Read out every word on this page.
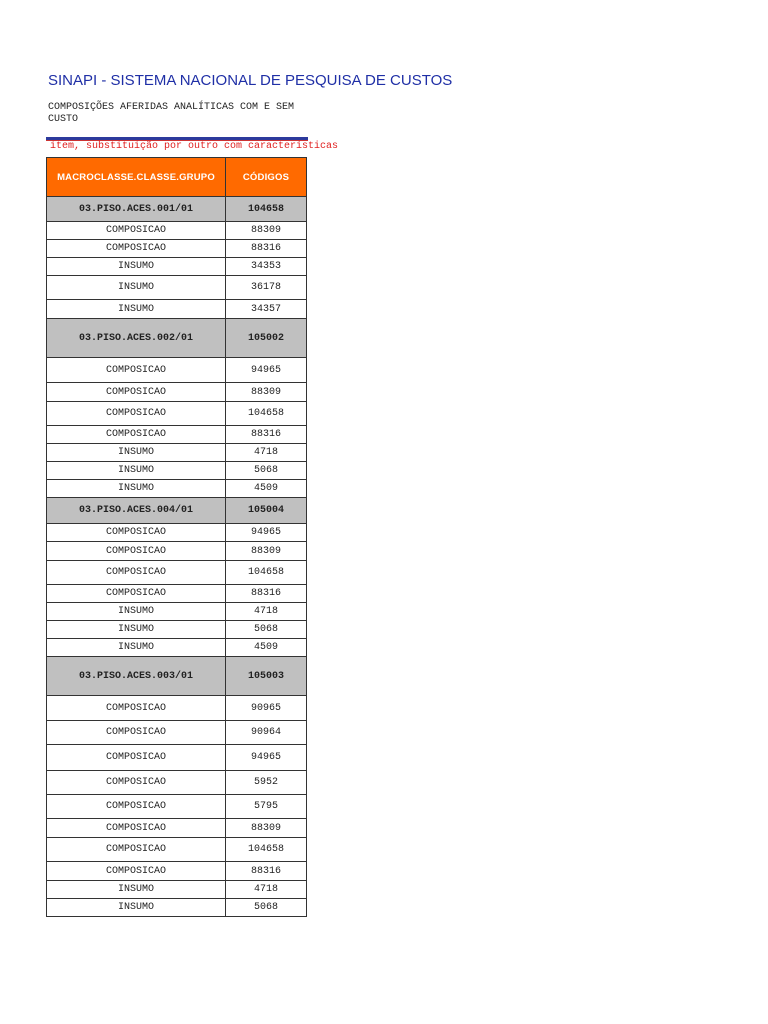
SINAPI - SISTEMA NACIONAL DE PESQUISA DE CUSTOS
COMPOSIÇÕES AFERIDAS ANALÍTICAS COM E SEM CUSTO
item, substituição por outro com características
MACROCLASSE.CLASSE.GRUPO	CÓDIGOS
03.PISO.ACES.001/01	104658
COMPOSICAO	88309
COMPOSICAO	88316
INSUMO	34353
INSUMO	36178
INSUMO	34357
03.PISO.ACES.002/01	105002
COMPOSICAO	94965
COMPOSICAO	88309
COMPOSICAO	104658
COMPOSICAO	88316
INSUMO	4718
INSUMO	5068
INSUMO	4509
03.PISO.ACES.004/01	105004
COMPOSICAO	94965
COMPOSICAO	88309
COMPOSICAO	104658
COMPOSICAO	88316
INSUMO	4718
INSUMO	5068
INSUMO	4509
03.PISO.ACES.003/01	105003
COMPOSICAO	90965
COMPOSICAO	90964
COMPOSICAO	94965
COMPOSICAO	5952
COMPOSICAO	5795
COMPOSICAO	88309
COMPOSICAO	104658
COMPOSICAO	88316
INSUMO	4718
INSUMO	5068
